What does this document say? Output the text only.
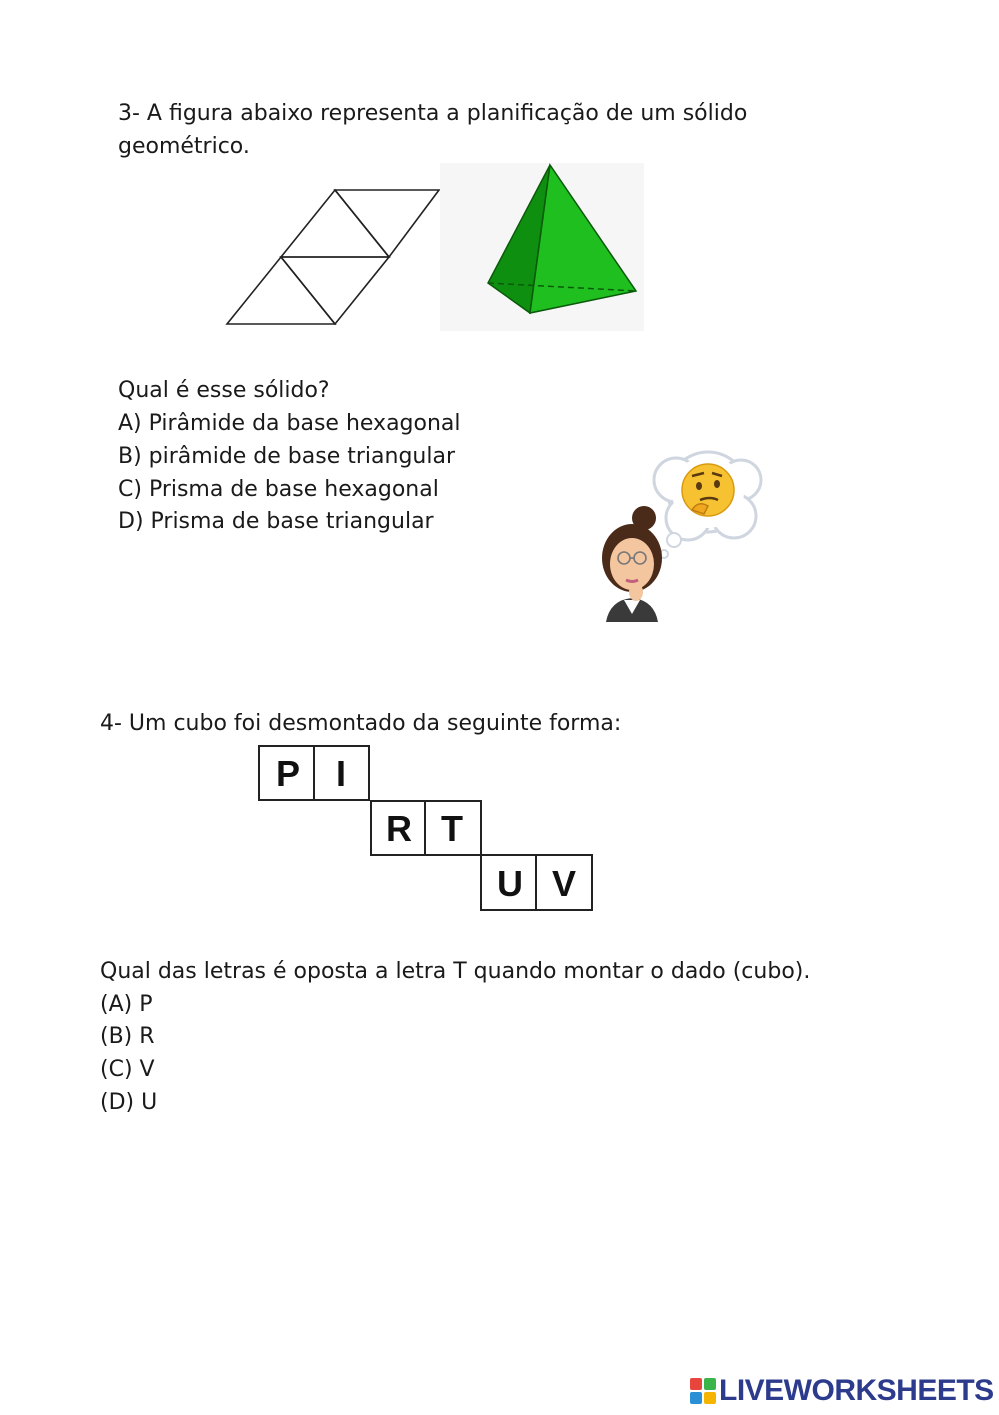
3- A figura abaixo representa a planificação de um sólido
geométrico.
Qual é esse sólido?
A) Pirâmide da base hexagonal
B) pirâmide de base triangular
C) Prisma de base hexagonal
D) Prisma de base triangular
4- Um cubo foi desmontado da seguinte forma:
P I
R T
U V
Qual das letras é oposta a letra T quando montar o dado (cubo).
(A) P
(B) R
(C) V
(D) U
LIVEWORKSHEETS
